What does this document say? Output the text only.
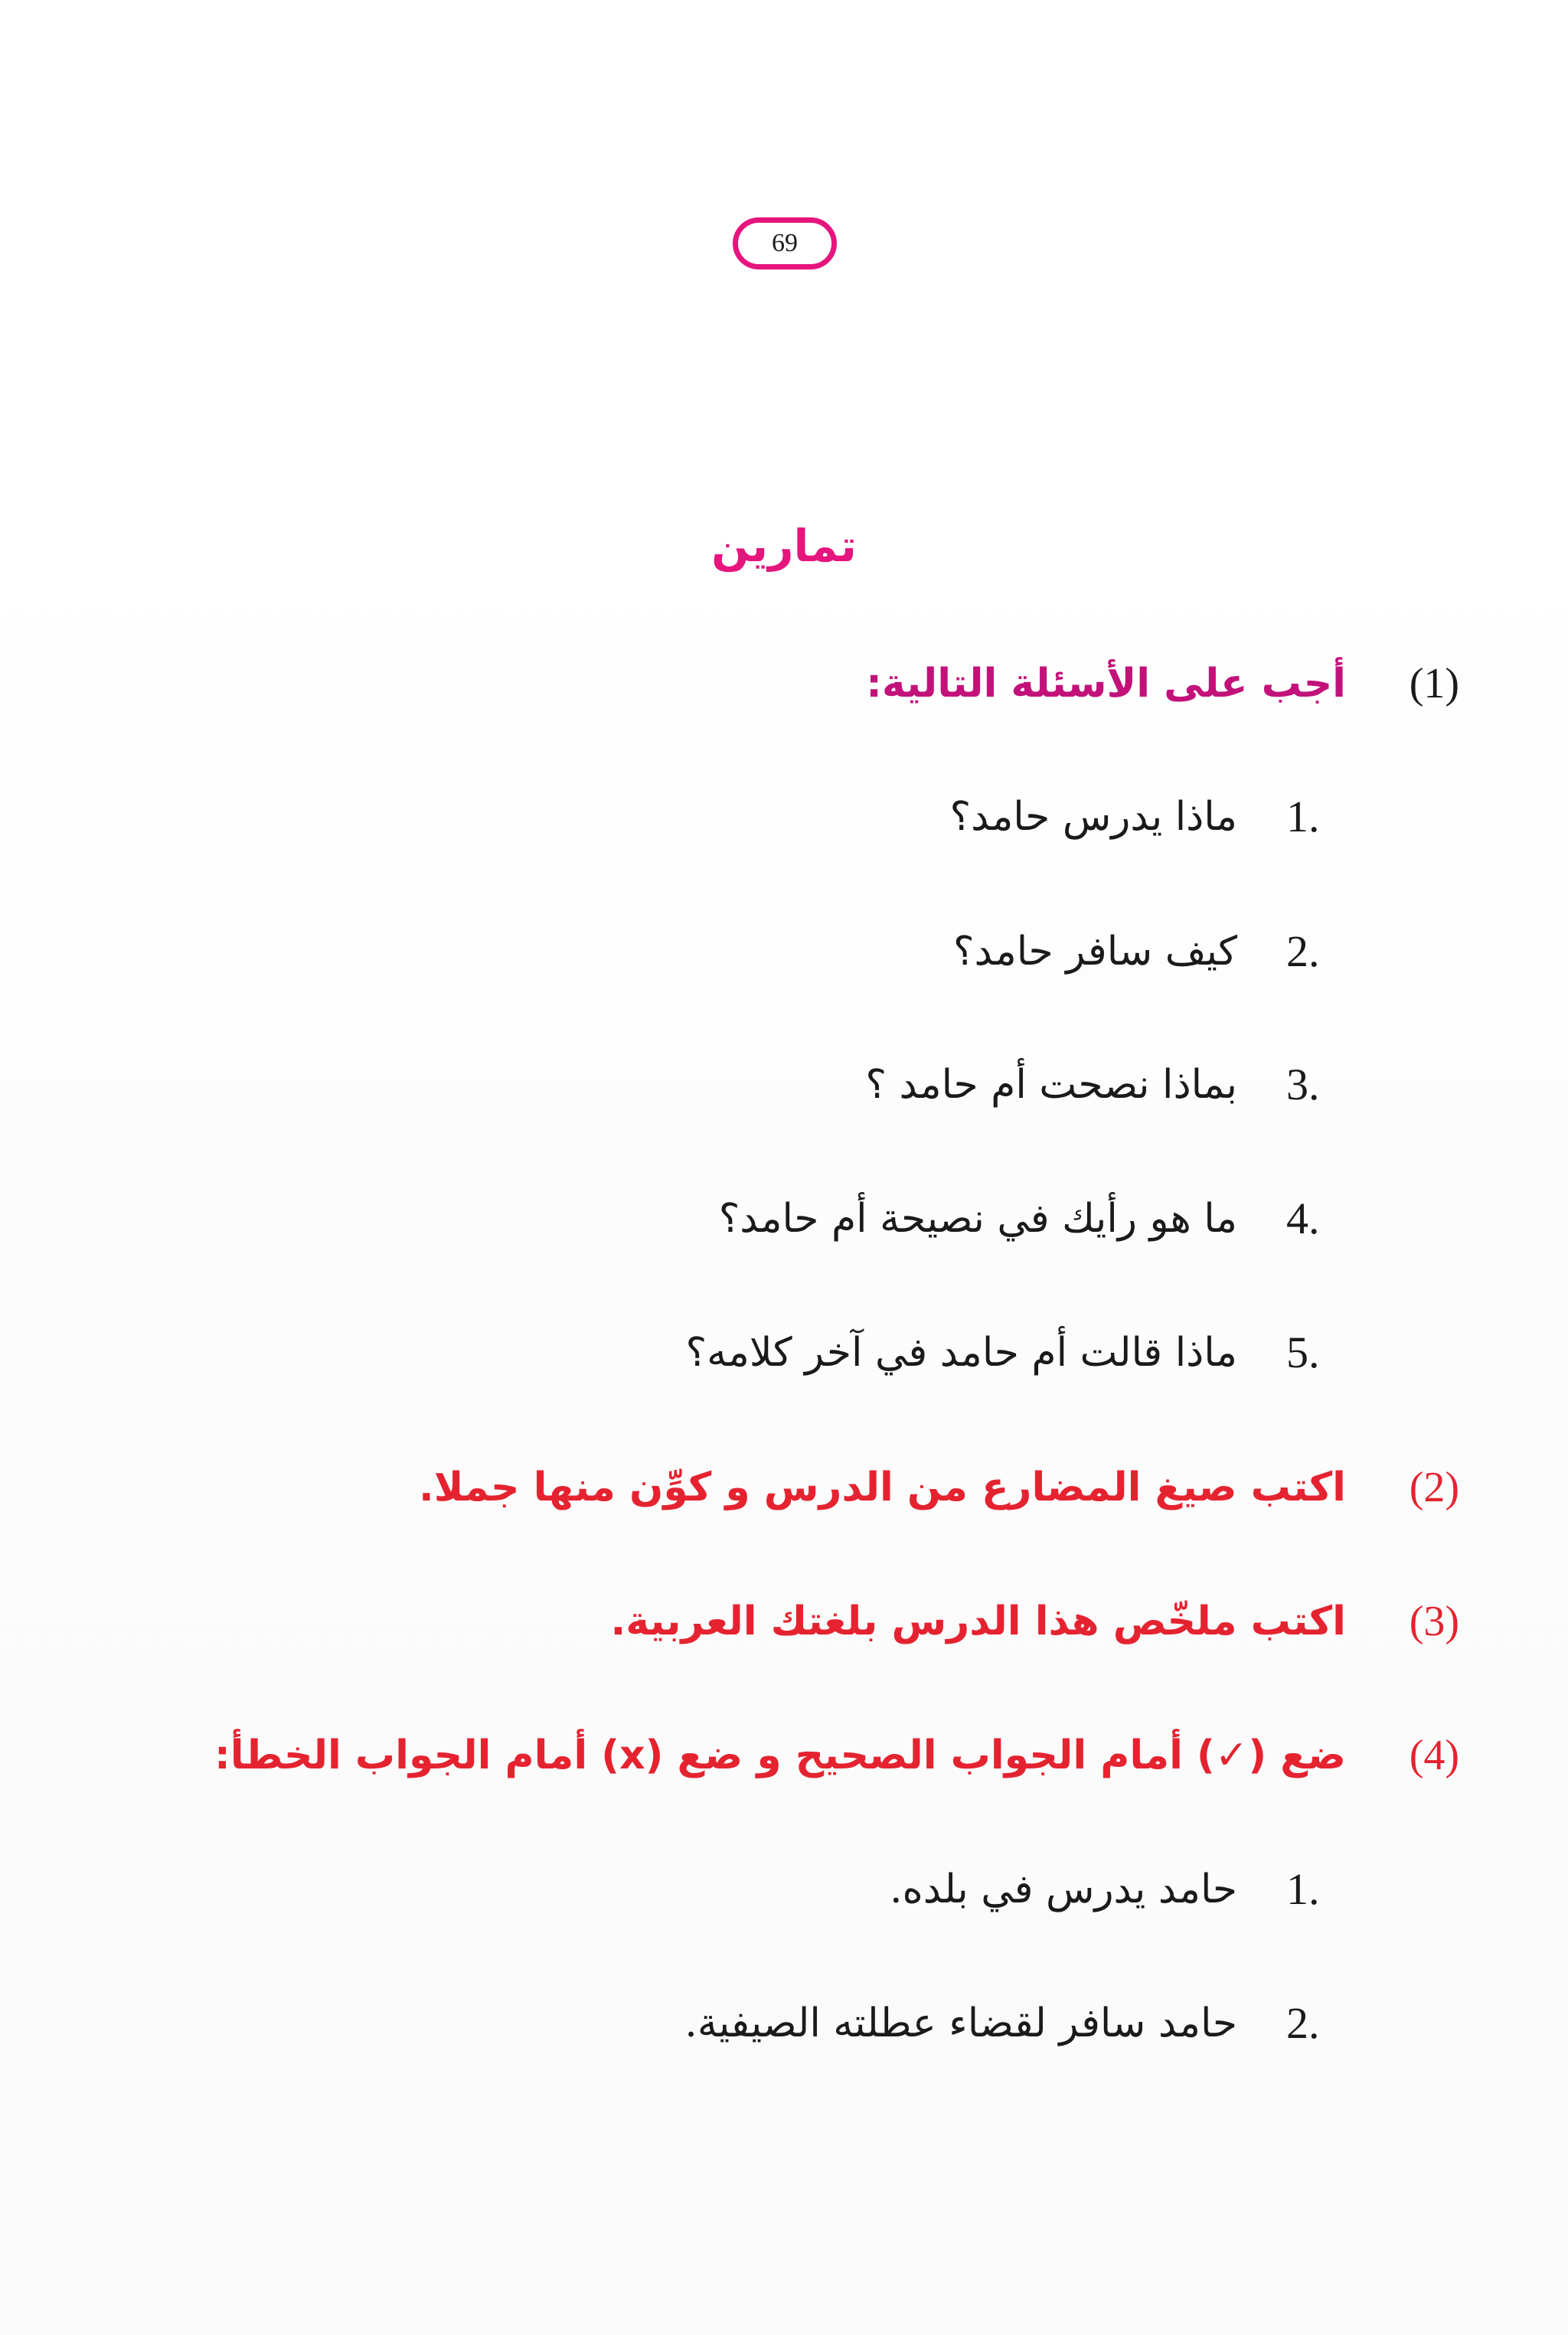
69
تمارين
(1)
أجب على الأسئلة التالية:
1.
ماذا يدرس حامد؟
2.
كيف سافر حامد؟
3.
بماذا نصحت أم حامد ؟
4.
ما هو رأيك في نصيحة أم حامد؟
5.
ماذا قالت أم حامد في آخر كلامه؟
(2)
اكتب صيغ المضارع من الدرس و كوِّن منها جملا.
(3)
اكتب ملخّص هذا الدرس بلغتك العربية.
(4)
ضع (✓) أمام الجواب الصحيح و ضع (x) أمام الجواب الخطأ:
1.
حامد يدرس في بلده.
2.
حامد سافر لقضاء عطلته الصيفية.
